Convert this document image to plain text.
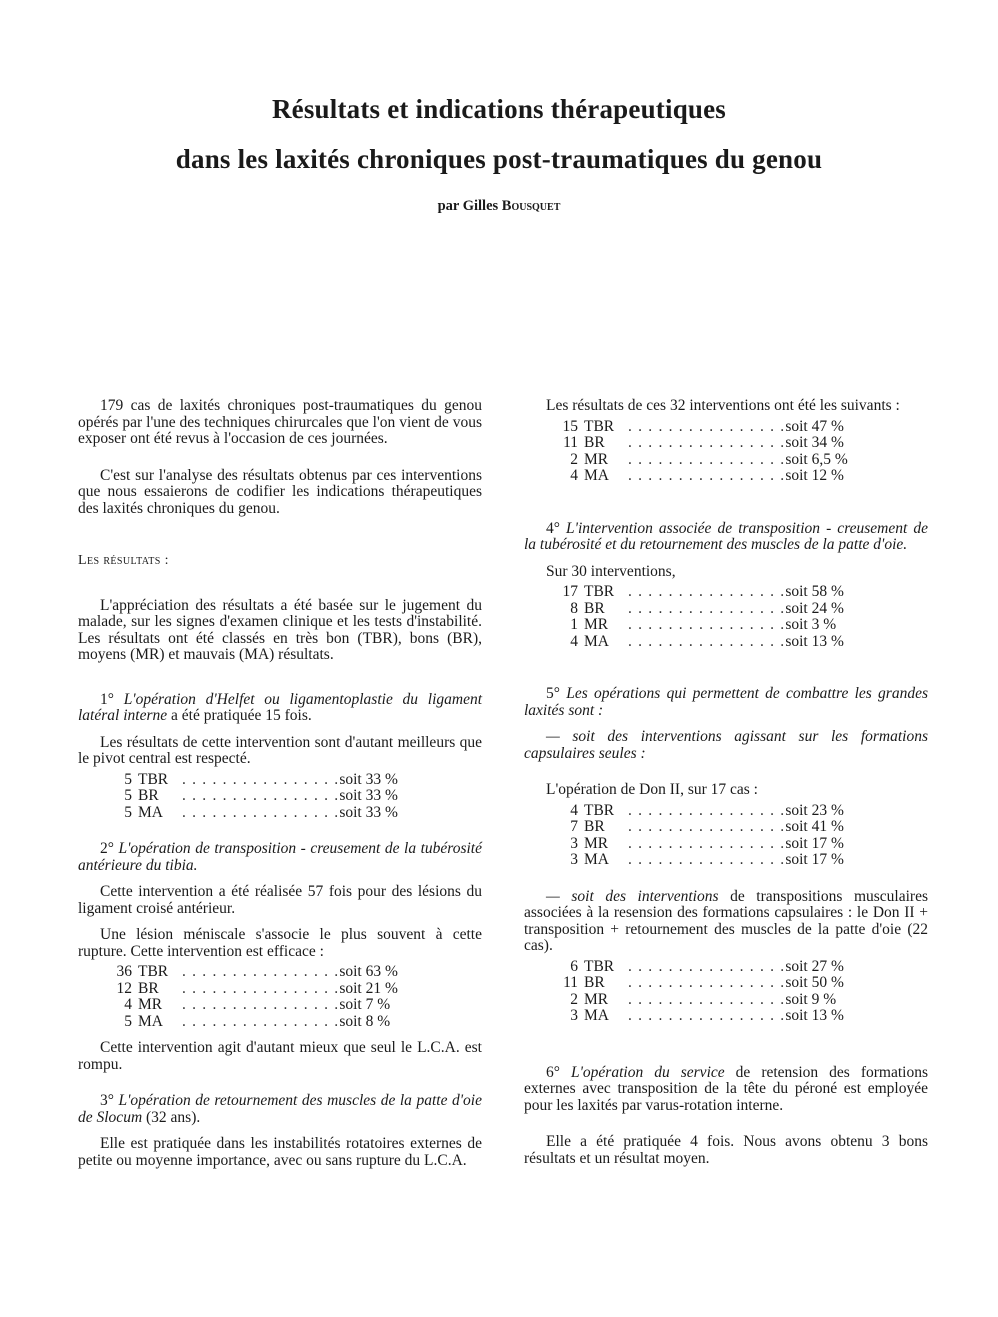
Résultats et indications thérapeutiques
dans les laxités chroniques post-traumatiques du genou
par Gilles Bousquet

179 cas de laxités chroniques post-traumatiques du genou opérés par l'une des techniques chirurcales que l'on vient de vous exposer ont été revus à l'occasion de ces journées.

C'est sur l'analyse des résultats obtenus par ces interventions que nous essaierons de codifier les indications thérapeutiques des laxités chroniques du genou.

Les résultats :

L'appréciation des résultats a été basée sur le jugement du malade, sur les signes d'examen clinique et les tests d'instabilité. Les résultats ont été classés en très bon (TBR), bons (BR), moyens (MR) et mauvais (MA) résultats.

1° L'opération d'Helfet ou ligamentoplastie du ligament latéral interne a été pratiquée 15 fois.

Les résultats de cette intervention sont d'autant meilleurs que le pivot central est respecté.

5	TBR	. . . . . . . . . . . . . . . .	soit 33 %
5	BR	. . . . . . . . . . . . . . . .	soit 33 %
5	MA	. . . . . . . . . . . . . . . .	soit 33 %

2° L'opération de transposition - creusement de la tubérosité antérieure du tibia.

Cette intervention a été réalisée 57 fois pour des lésions du ligament croisé antérieur.

Une lésion méniscale s'associe le plus souvent à cette rupture. Cette intervention est efficace :

36	TBR	. . . . . . . . . . . . . . . .	soit 63 %
12	BR	. . . . . . . . . . . . . . . .	soit 21 %
4	MR	. . . . . . . . . . . . . . . .	soit 7 %
5	MA	. . . . . . . . . . . . . . . .	soit 8 %

Cette intervention agit d'autant mieux que seul le L.C.A. est rompu.

3° L'opération de retournement des muscles de la patte d'oie de Slocum (32 ans).

Elle est pratiquée dans les instabilités rotatoires externes de petite ou moyenne importance, avec ou sans rupture du L.C.A.

Les résultats de ces 32 interventions ont été les suivants :

15	TBR	. . . . . . . . . . . . . . . .	soit 47 %
11	BR	. . . . . . . . . . . . . . . .	soit 34 %
2	MR	. . . . . . . . . . . . . . . .	soit 6,5 %
4	MA	. . . . . . . . . . . . . . . .	soit 12 %

4° L'intervention associée de transposition - creusement de la tubérosité et du retournement des muscles de la patte d'oie.

Sur 30 interventions,

17	TBR	. . . . . . . . . . . . . . . .	soit 58 %
8	BR	. . . . . . . . . . . . . . . .	soit 24 %
1	MR	. . . . . . . . . . . . . . . .	soit 3 %
4	MA	. . . . . . . . . . . . . . . .	soit 13 %

5° Les opérations qui permettent de combattre les grandes laxités sont :

— soit des interventions agissant sur les formations capsulaires seules :

L'opération de Don II, sur 17 cas :

4	TBR	. . . . . . . . . . . . . . . .	soit 23 %
7	BR	. . . . . . . . . . . . . . . .	soit 41 %
3	MR	. . . . . . . . . . . . . . . .	soit 17 %
3	MA	. . . . . . . . . . . . . . . .	soit 17 %

— soit des interventions de transpositions musculaires associées à la resension des formations capsulaires : le Don II + transposition + retournement des muscles de la patte d'oie (22 cas).

6	TBR	. . . . . . . . . . . . . . . .	soit 27 %
11	BR	. . . . . . . . . . . . . . . .	soit 50 %
2	MR	. . . . . . . . . . . . . . . .	soit 9 %
3	MA	. . . . . . . . . . . . . . . .	soit 13 %

6° L'opération du service de retension des formations externes avec transposition de la tête du péroné est employée pour les laxités par varus-rotation interne.

Elle a été pratiquée 4 fois. Nous avons obtenu 3 bons résultats et un résultat moyen.
